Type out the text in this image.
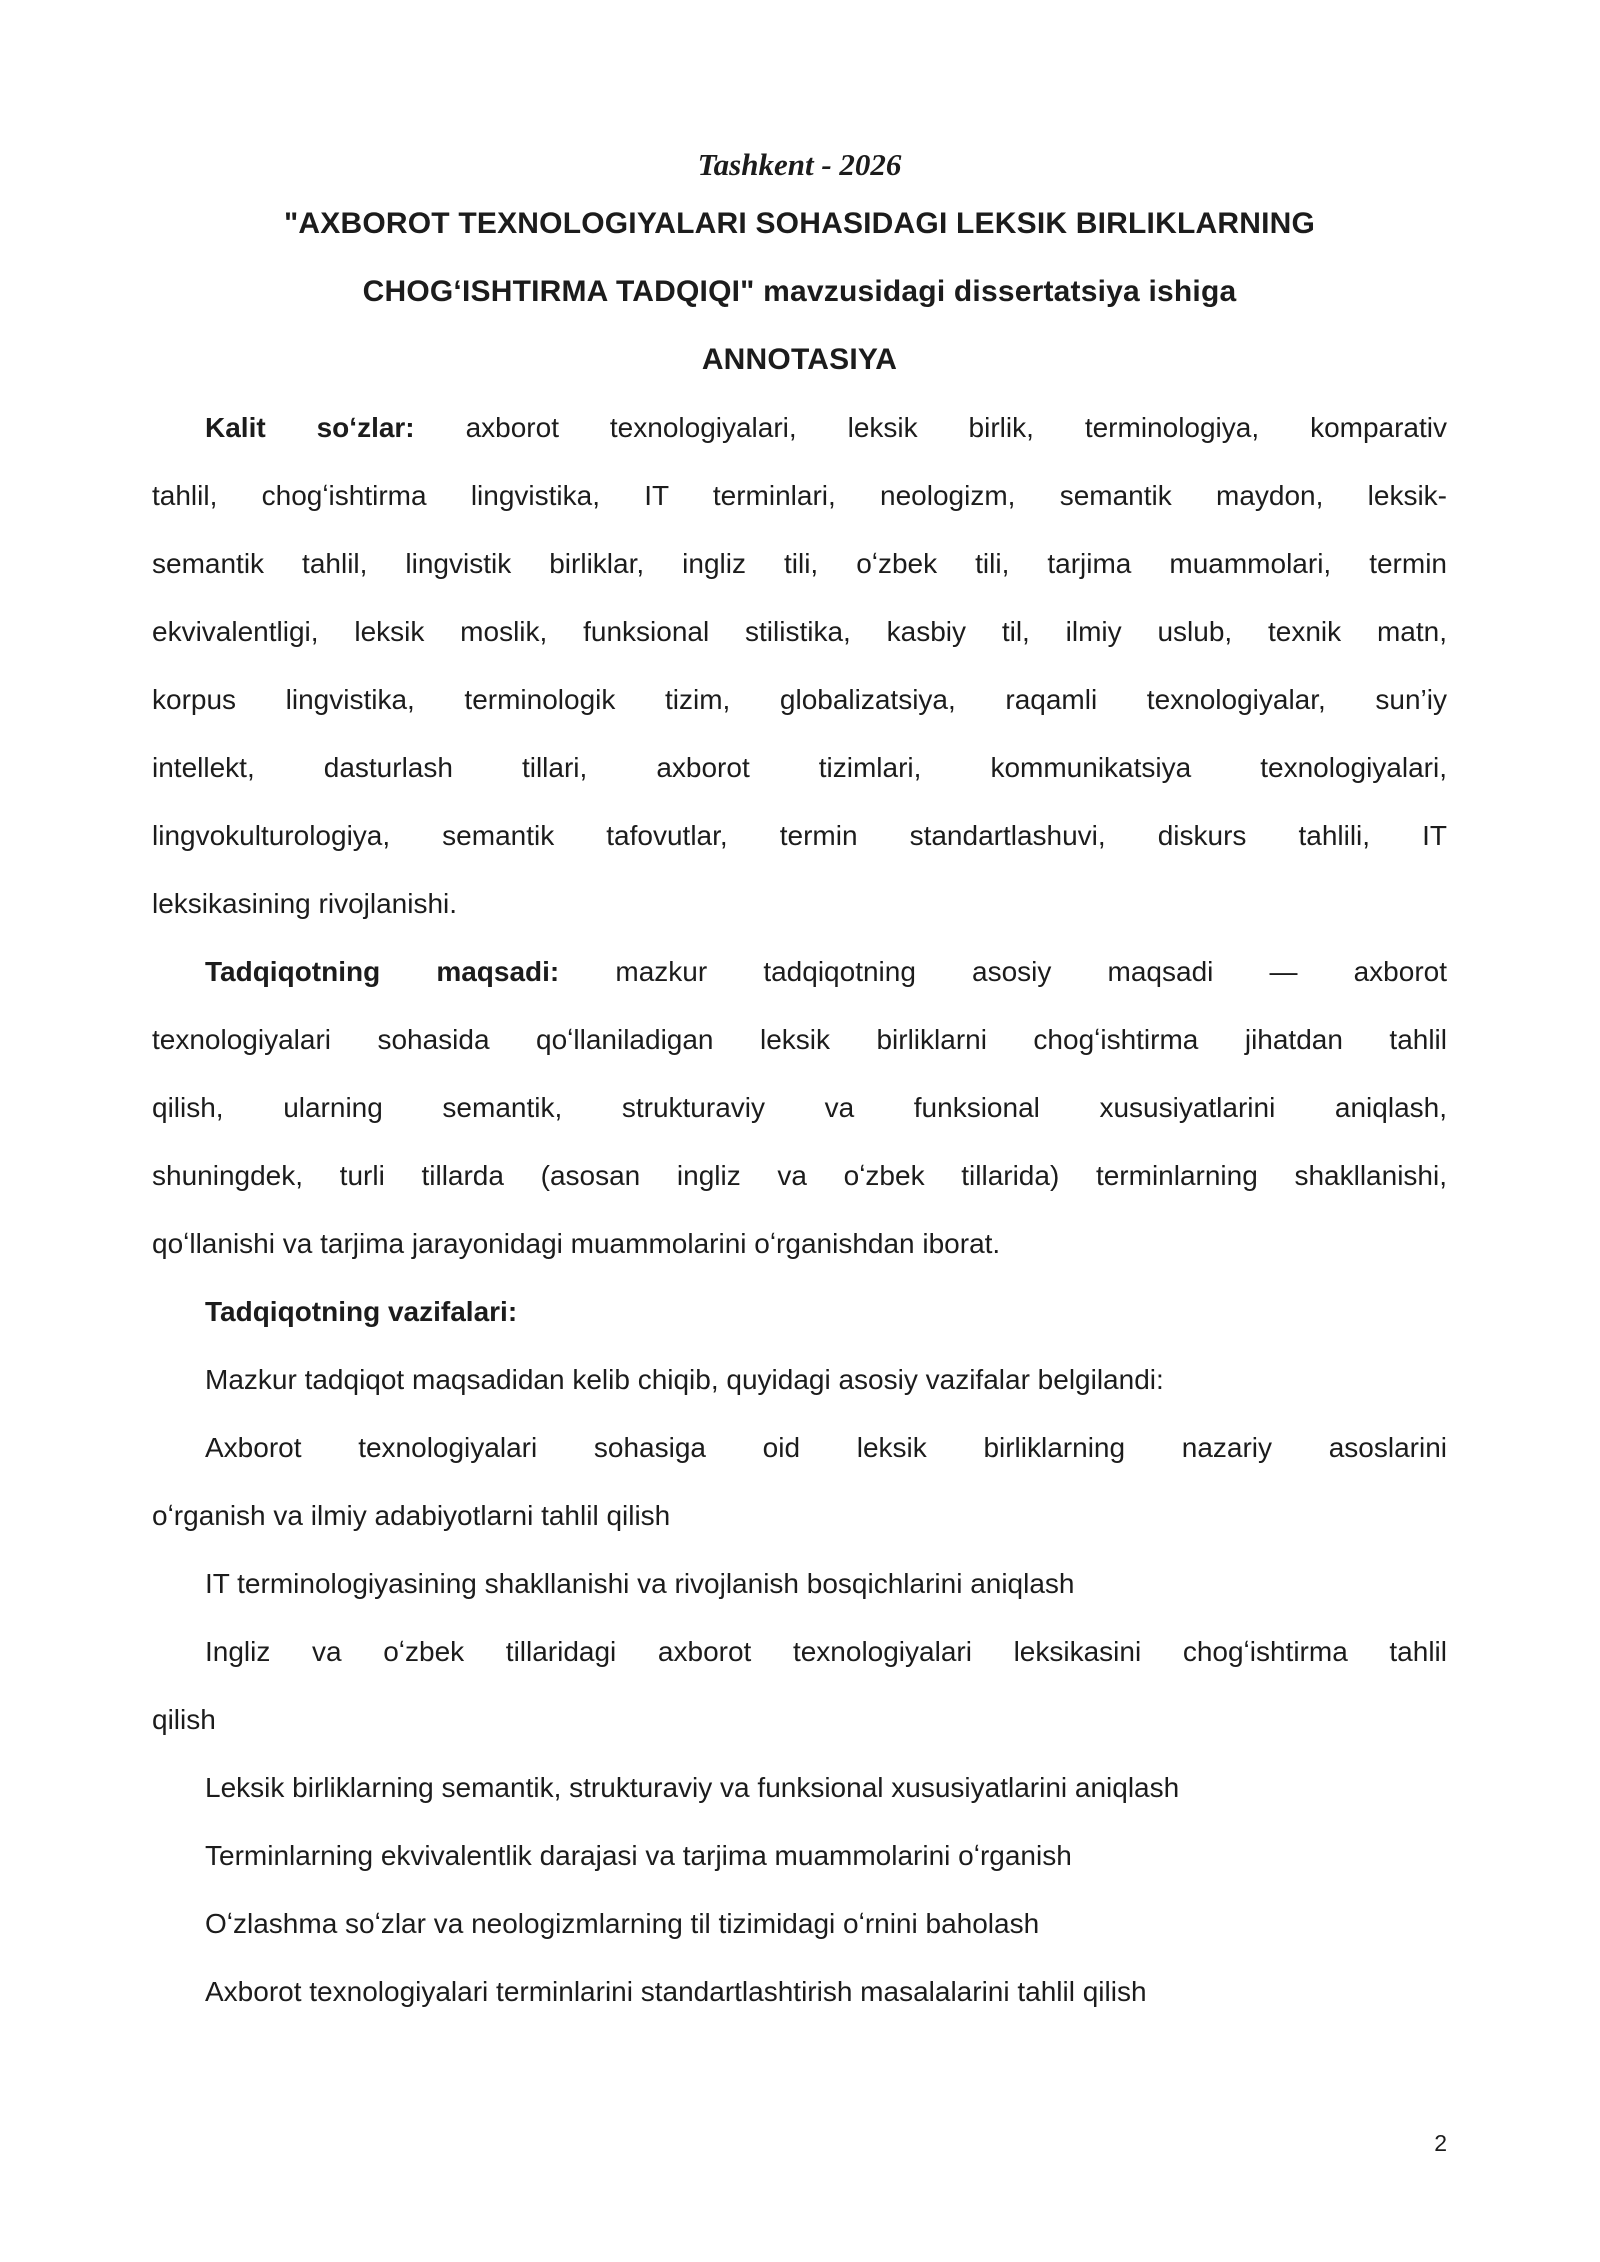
Tashkent - 2026
"AXBOROT TEXNOLOGIYALARI SOHASIDAGI LEKSIK BIRLIKLARNING
CHOGʻISHTIRMA TADQIQI" mavzusidagi dissertatsiya ishiga
ANNOTASIYA
Kalit soʻzlar: axborot texnologiyalari, leksik birlik, terminologiya, komparativ
tahlil, chogʻishtirma lingvistika, IT terminlari, neologizm, semantik maydon, leksik-
semantik tahlil, lingvistik birliklar, ingliz tili, oʻzbek tili, tarjima muammolari, termin
ekvivalentligi, leksik moslik, funksional stilistika, kasbiy til, ilmiy uslub, texnik matn,
korpus lingvistika, terminologik tizim, globalizatsiya, raqamli texnologiyalar, sun’iy
intellekt, dasturlash tillari, axborot tizimlari, kommunikatsiya texnologiyalari,
lingvokulturologiya, semantik tafovutlar, termin standartlashuvi, diskurs tahlili, IT
leksikasining rivojlanishi.
Tadqiqotning maqsadi: mazkur tadqiqotning asosiy maqsadi — axborot
texnologiyalari sohasida qoʻllaniladigan leksik birliklarni chogʻishtirma jihatdan tahlil
qilish, ularning semantik, strukturaviy va funksional xususiyatlarini aniqlash,
shuningdek, turli tillarda (asosan ingliz va oʻzbek tillarida) terminlarning shakllanishi,
qoʻllanishi va tarjima jarayonidagi muammolarini oʻrganishdan iborat.
Tadqiqotning vazifalari:
Mazkur tadqiqot maqsadidan kelib chiqib, quyidagi asosiy vazifalar belgilandi:
Axborot texnologiyalari sohasiga oid leksik birliklarning nazariy asoslarini
oʻrganish va ilmiy adabiyotlarni tahlil qilish
IT terminologiyasining shakllanishi va rivojlanish bosqichlarini aniqlash
Ingliz va oʻzbek tillaridagi axborot texnologiyalari leksikasini chogʻishtirma tahlil
qilish
Leksik birliklarning semantik, strukturaviy va funksional xususiyatlarini aniqlash
Terminlarning ekvivalentlik darajasi va tarjima muammolarini oʻrganish
Oʻzlashma soʻzlar va neologizmlarning til tizimidagi oʻrnini baholash
Axborot texnologiyalari terminlarini standartlashtirish masalalarini tahlil qilish
2
